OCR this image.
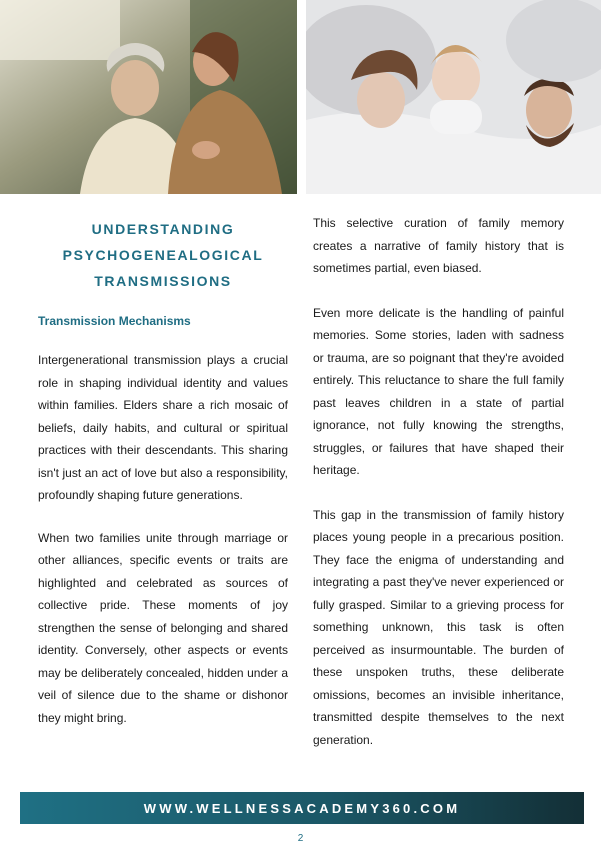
UNDERSTANDING
PSYCHOGENEALOGICAL
TRANSMISSIONS
Transmission Mechanisms

Intergenerational transmission plays a crucial role in shaping individual identity and values within families. Elders share a rich mosaic of beliefs, daily habits, and cultural or spiritual practices with their descendants. This sharing isn't just an act of love but also a responsibility, profoundly shaping future generations.

When two families unite through marriage or other alliances, specific events or traits are highlighted and celebrated as sources of collective pride. These moments of joy strengthen the sense of belonging and shared identity. Conversely, other aspects or events may be deliberately concealed, hidden under a veil of silence due to the shame or dishonor they might bring.

This selective curation of family memory creates a narrative of family history that is sometimes partial, even biased.

Even more delicate is the handling of painful memories. Some stories, laden with sadness or trauma, are so poignant that they're avoided entirely. This reluctance to share the full family past leaves children in a state of partial ignorance, not fully knowing the strengths, struggles, or failures that have shaped their heritage.

This gap in the transmission of family history places young people in a precarious position. They face the enigma of understanding and integrating a past they've never experienced or fully grasped. Similar to a grieving process for something unknown, this task is often perceived as insurmountable. The burden of these unspoken truths, these deliberate omissions, becomes an invisible inheritance, transmitted despite themselves to the next generation.

WWW.WELLNESSACADEMY360.COM
2
